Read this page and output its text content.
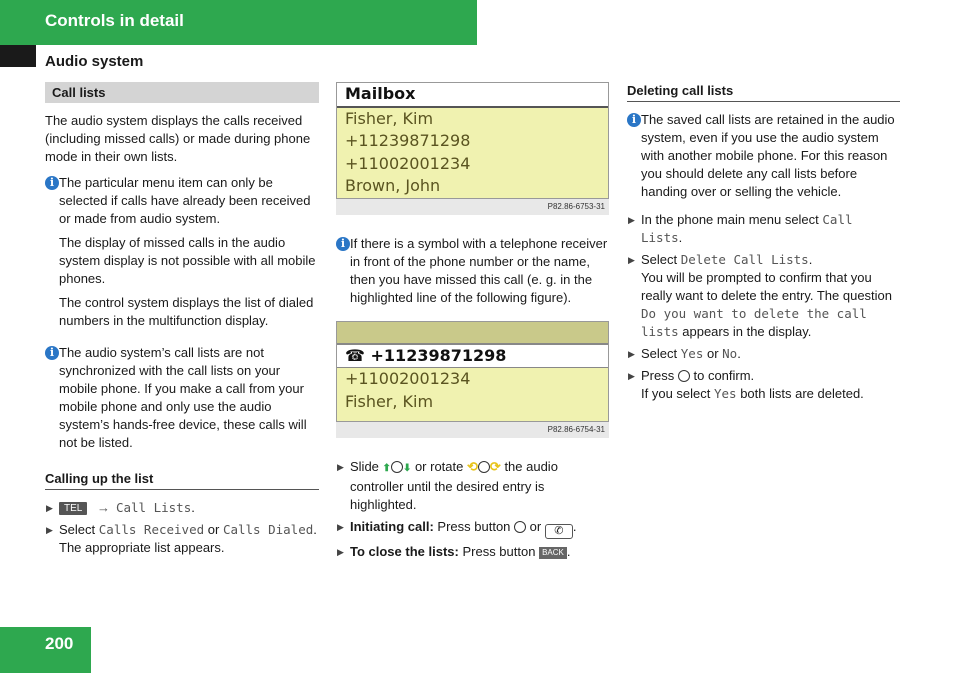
Controls in detail
Audio system
Call lists

The audio system displays the calls received (including missed calls) or made during phone mode in their own lists.

i The particular menu item can only be selected if calls have already been received or made from audio system.

The display of missed calls in the audio system display is not possible with all mobile phones.

The control system displays the list of dialed numbers in the multifunction display.

i The audio system’s call lists are not synchronized with the call lists on your mobile phone. If you make a call from your mobile phone and only use the audio system’s hands-free device, these calls will not be listed.

Calling up the list
▶ TEL → Call Lists.
▶ Select Calls Received or Calls Dialed.
The appropriate list appears.
Mailbox
Fisher, Kim
+11239871298
+11002001234
Brown, John
P82.86-6753-31
i If there is a symbol with a telephone receiver in front of the phone number or the name, then you have missed this call (e. g. in the highlighted line of the following figure).

☎ +11239871298
+11002001234
Fisher, Kim
P82.86-6754-31
▶ Slide ⬆ ⬇ or rotate ⟲ ⟳ the audio controller until the desired entry is highlighted.
▶ Initiating call: Press button or ✆ .
▶ To close the lists: Press button BACK .
Deleting call lists
i The saved call lists are retained in the audio system, even if you use the audio system with another mobile phone. For this reason you should delete any call lists before handing over or selling the vehicle.

▶ In the phone main menu select Call Lists.
▶ Select Delete Call Lists.
You will be prompted to confirm that you really want to delete the entry. The question Do you want to delete the call lists appears in the display.
▶ Select Yes or No.
▶ Press to confirm.
If you select Yes both lists are deleted.
200
